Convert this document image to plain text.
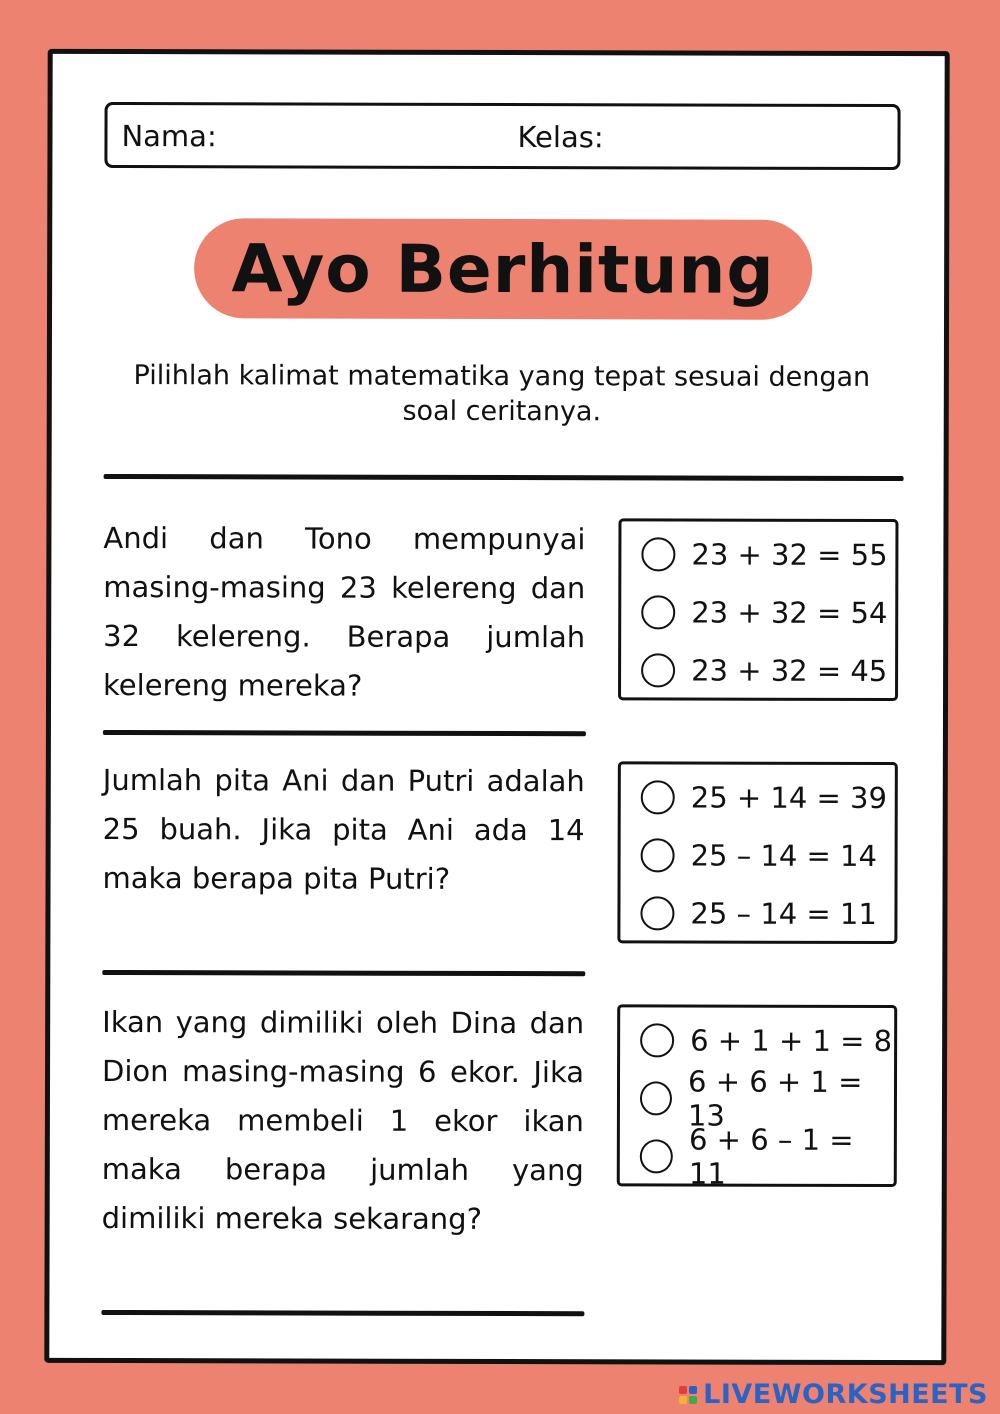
Nama:	Kelas:
Ayo Berhitung
Pilihlah kalimat matematika yang tepat sesuai dengan soal ceritanya.
Andi dan Tono mempunyai masing-masing 23 kelereng dan 32 kelereng. Berapa jumlah kelereng mereka?
23 + 32 = 55
23 + 32 = 54
23 + 32 = 45
Jumlah pita Ani dan Putri adalah 25 buah. Jika pita Ani ada 14 maka berapa pita Putri?
25 + 14 = 39
25 – 14 = 14
25 – 14 = 11
Ikan yang dimiliki oleh Dina dan Dion masing-masing 6 ekor. Jika mereka membeli 1 ekor ikan maka berapa jumlah yang dimiliki mereka sekarang?
6 + 1 + 1 = 8
6 + 6 + 1 = 13
6 + 6 – 1 = 11
LIVEWORKSHEETS
